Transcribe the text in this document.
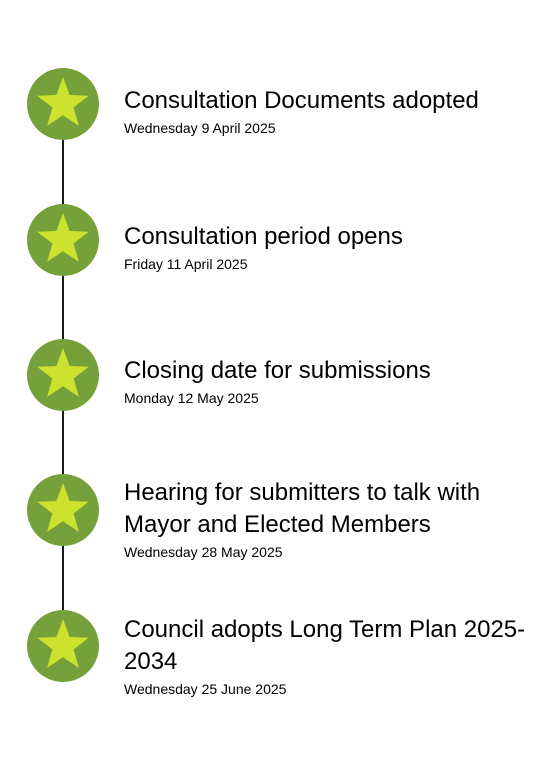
Consultation Documents adopted
Wednesday 9 April 2025
Consultation period opens
Friday 11 April 2025
Closing date for submissions
Monday 12 May 2025
Hearing for submitters to talk with Mayor and Elected Members
Wednesday 28 May 2025
Council adopts Long Term Plan 2025-2034
Wednesday 25 June 2025
